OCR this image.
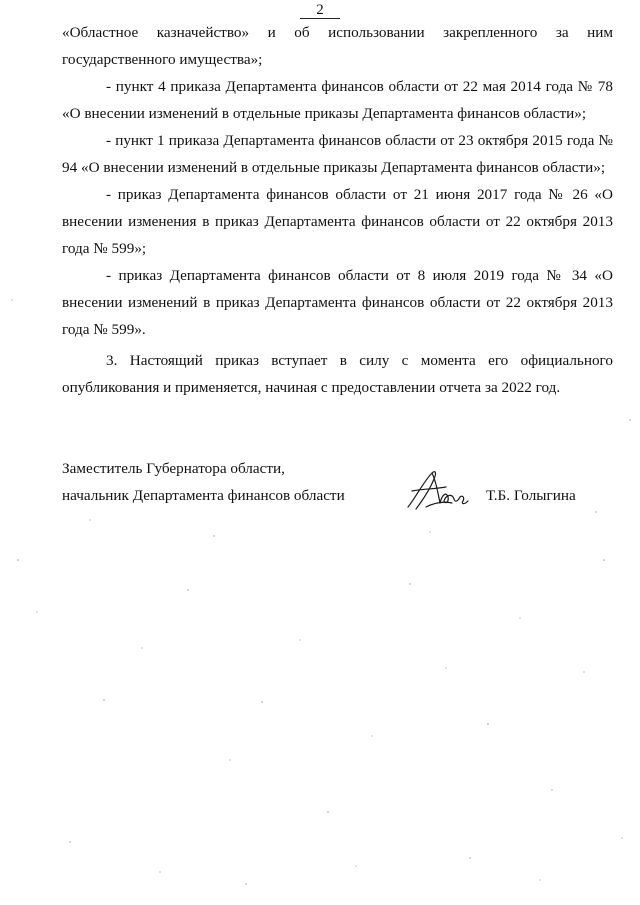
2

«Областное казначейство» и об использовании закрепленного за ним государственного имущества»;

- пункт 4 приказа Департамента финансов области от 22 мая 2014 года № 78 «О внесении изменений в отдельные приказы Департамента финансов области»;

- пункт 1 приказа Департамента финансов области от 23 октября 2015 года № 94 «О внесении изменений в отдельные приказы Департамента финансов области»;

- приказ Департамента финансов области от 21 июня 2017 года № 26 «О внесении изменения в приказ Департамента финансов области от 22 октября 2013 года № 599»;

- приказ Департамента финансов области от 8 июля 2019 года № 34 «О внесении изменений в приказ Департамента финансов области от 22 октября 2013 года № 599».

3. Настоящий приказ вступает в силу с момента его официального опубликования и применяется, начиная с предоставлении отчета за 2022 год.

Заместитель Губернатора области,
начальник Департамента финансов области	Т.Б. Голыгина
